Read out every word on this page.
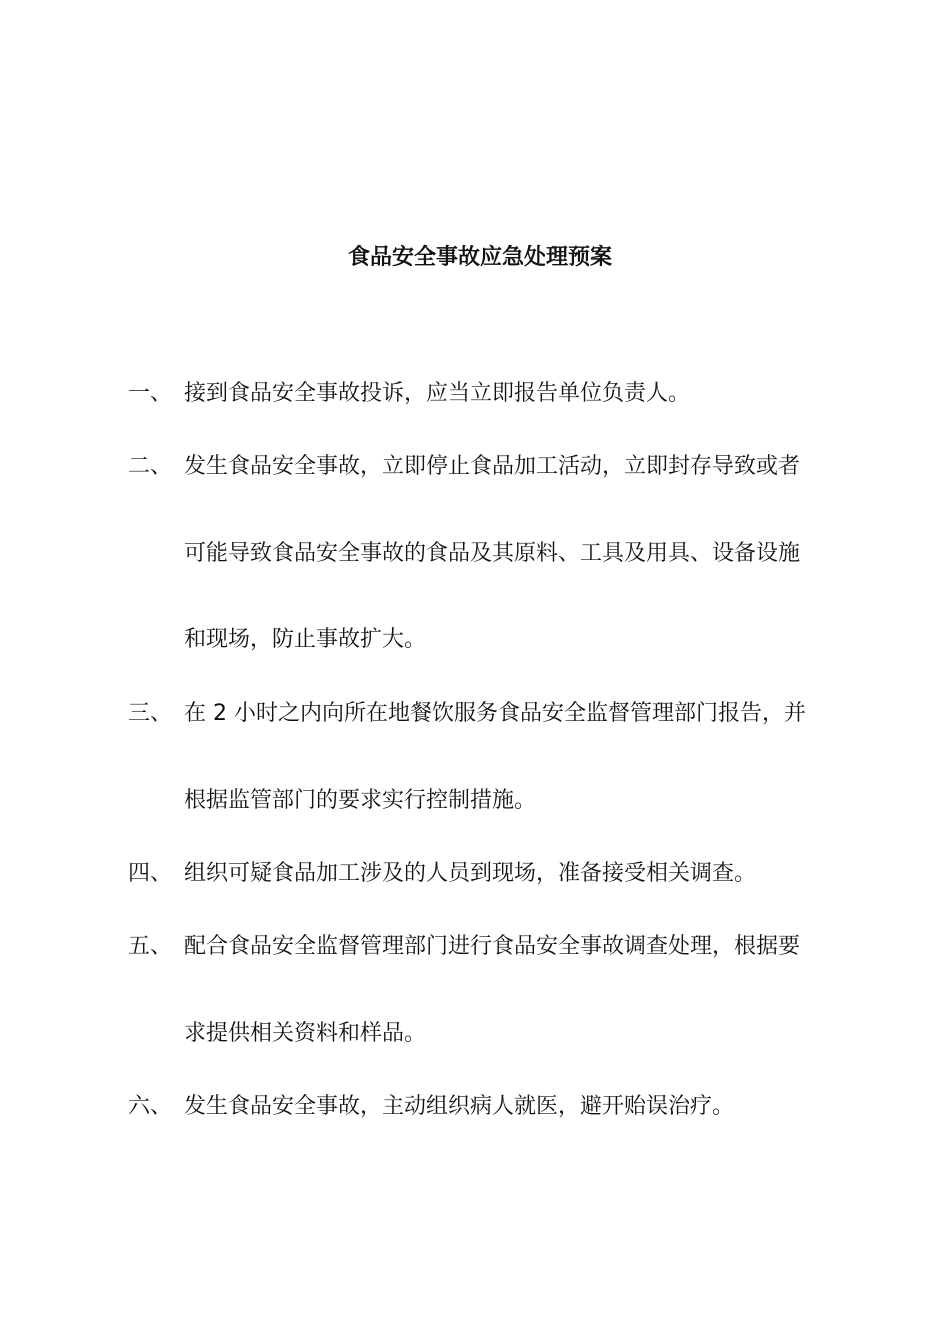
食品安全事故应急处理预案
一、 接到食品安全事故投诉，应当立即报告单位负责人。
二、 发生食品安全事故，立即停止食品加工活动，立即封存导致或者
可能导致食品安全事故的食品及其原料、工具及用具、设备设施
和现场，防止事故扩大。
三、 在 2 小时之内向所在地餐饮服务食品安全监督管理部门报告，并
根据监管部门的要求实行控制措施。
四、 组织可疑食品加工涉及的人员到现场，准备接受相关调查。
五、 配合食品安全监督管理部门进行食品安全事故调查处理，根据要
求提供相关资料和样品。
六、 发生食品安全事故，主动组织病人就医，避开贻误治疗。
